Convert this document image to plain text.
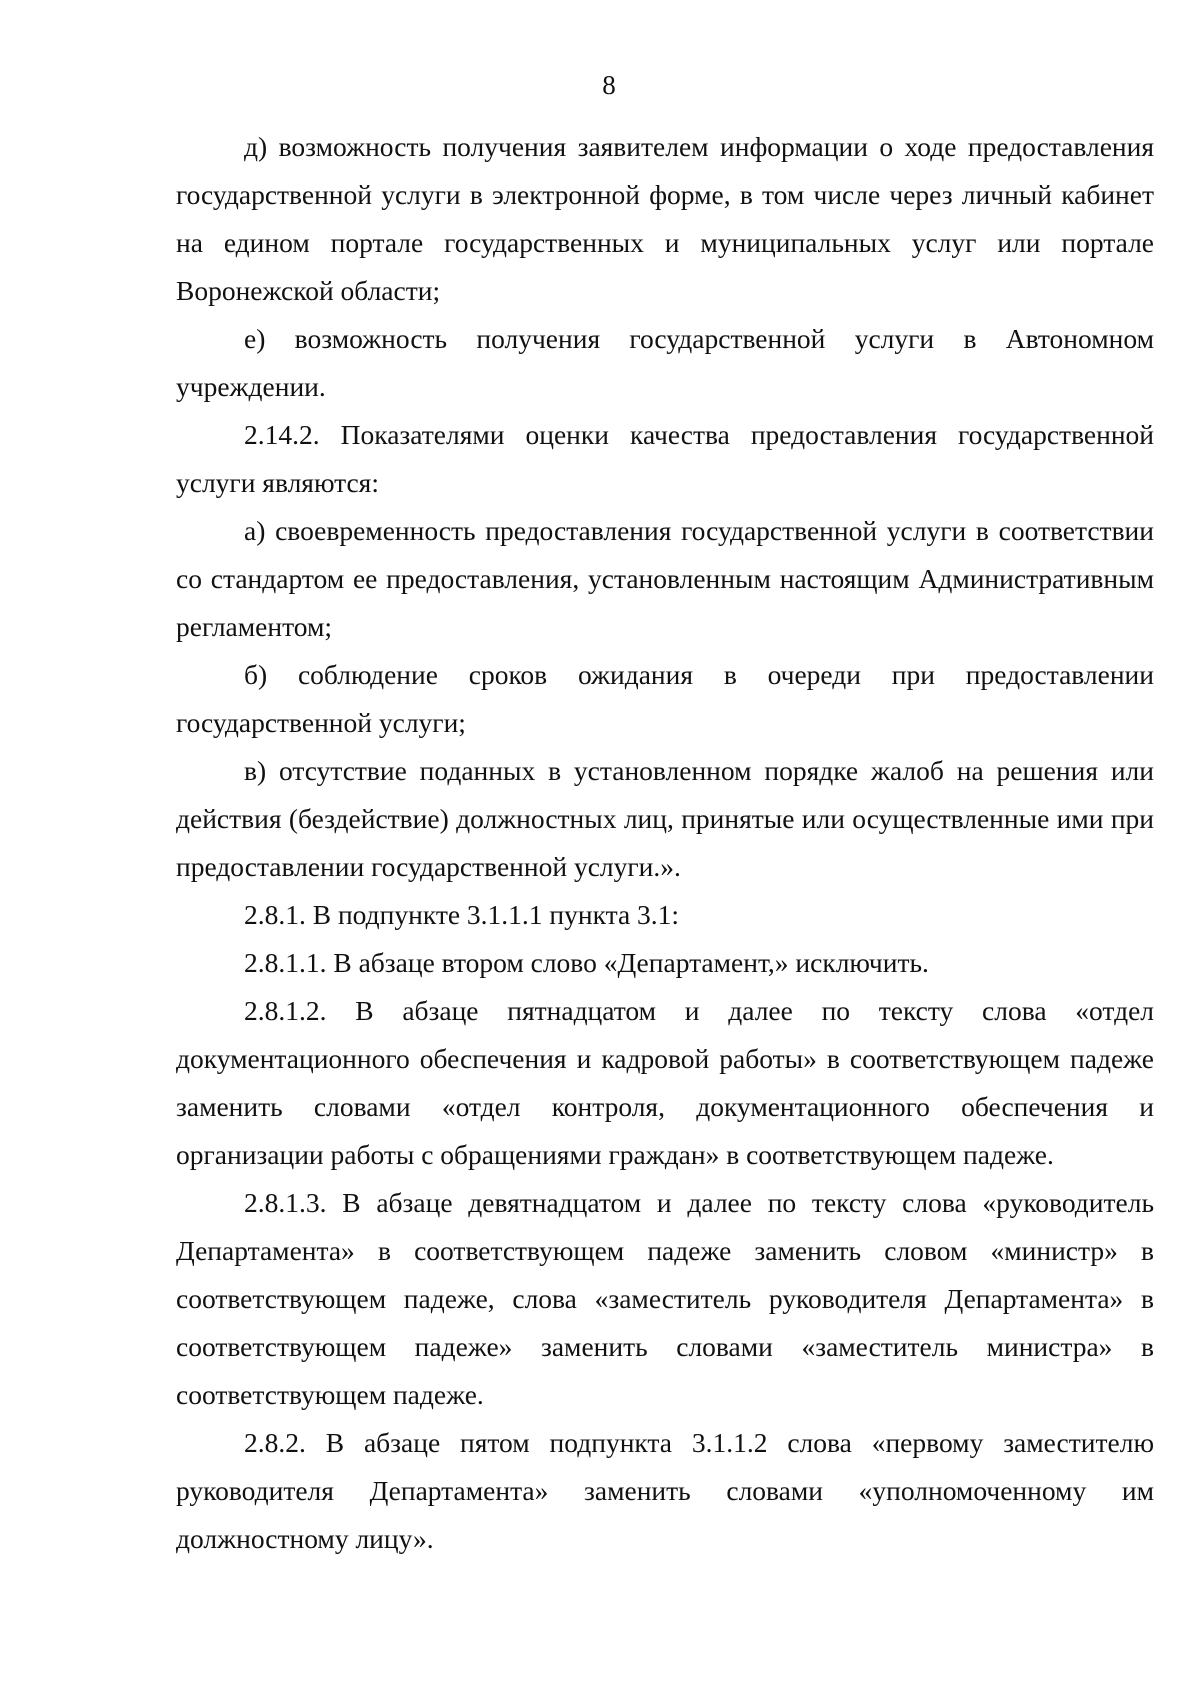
8

д) возможность получения заявителем информации о ходе предоставления государственной услуги в электронной форме, в том числе через личный кабинет на едином портале государственных и муниципальных услуг или портале Воронежской области;

е) возможность получения государственной услуги в Автономном учреждении.

2.14.2. Показателями оценки качества предоставления государственной услуги являются:

а) своевременность предоставления государственной услуги в соответствии со стандартом ее предоставления, установленным настоящим Административным регламентом;

б) соблюдение сроков ожидания в очереди при предоставлении государственной услуги;

в) отсутствие поданных в установленном порядке жалоб на решения или действия (бездействие) должностных лиц, принятые или осуществленные ими при предоставлении государственной услуги.».

2.8.1. В подпункте 3.1.1.1 пункта 3.1:

2.8.1.1. В абзаце втором слово «Департамент,» исключить.

2.8.1.2. В абзаце пятнадцатом и далее по тексту слова «отдел документационного обеспечения и кадровой работы» в соответствующем падеже заменить словами «отдел контроля, документационного обеспечения и организации работы с обращениями граждан» в соответствующем падеже.

2.8.1.3. В абзаце девятнадцатом и далее по тексту слова «руководитель Департамента» в соответствующем падеже заменить словом «министр» в соответствующем падеже, слова «заместитель руководителя Департамента» в соответствующем падеже» заменить словами «заместитель министра» в соответствующем падеже.

2.8.2. В абзаце пятом подпункта 3.1.1.2 слова «первому заместителю руководителя Департамента» заменить словами «уполномоченному им должностному лицу».
